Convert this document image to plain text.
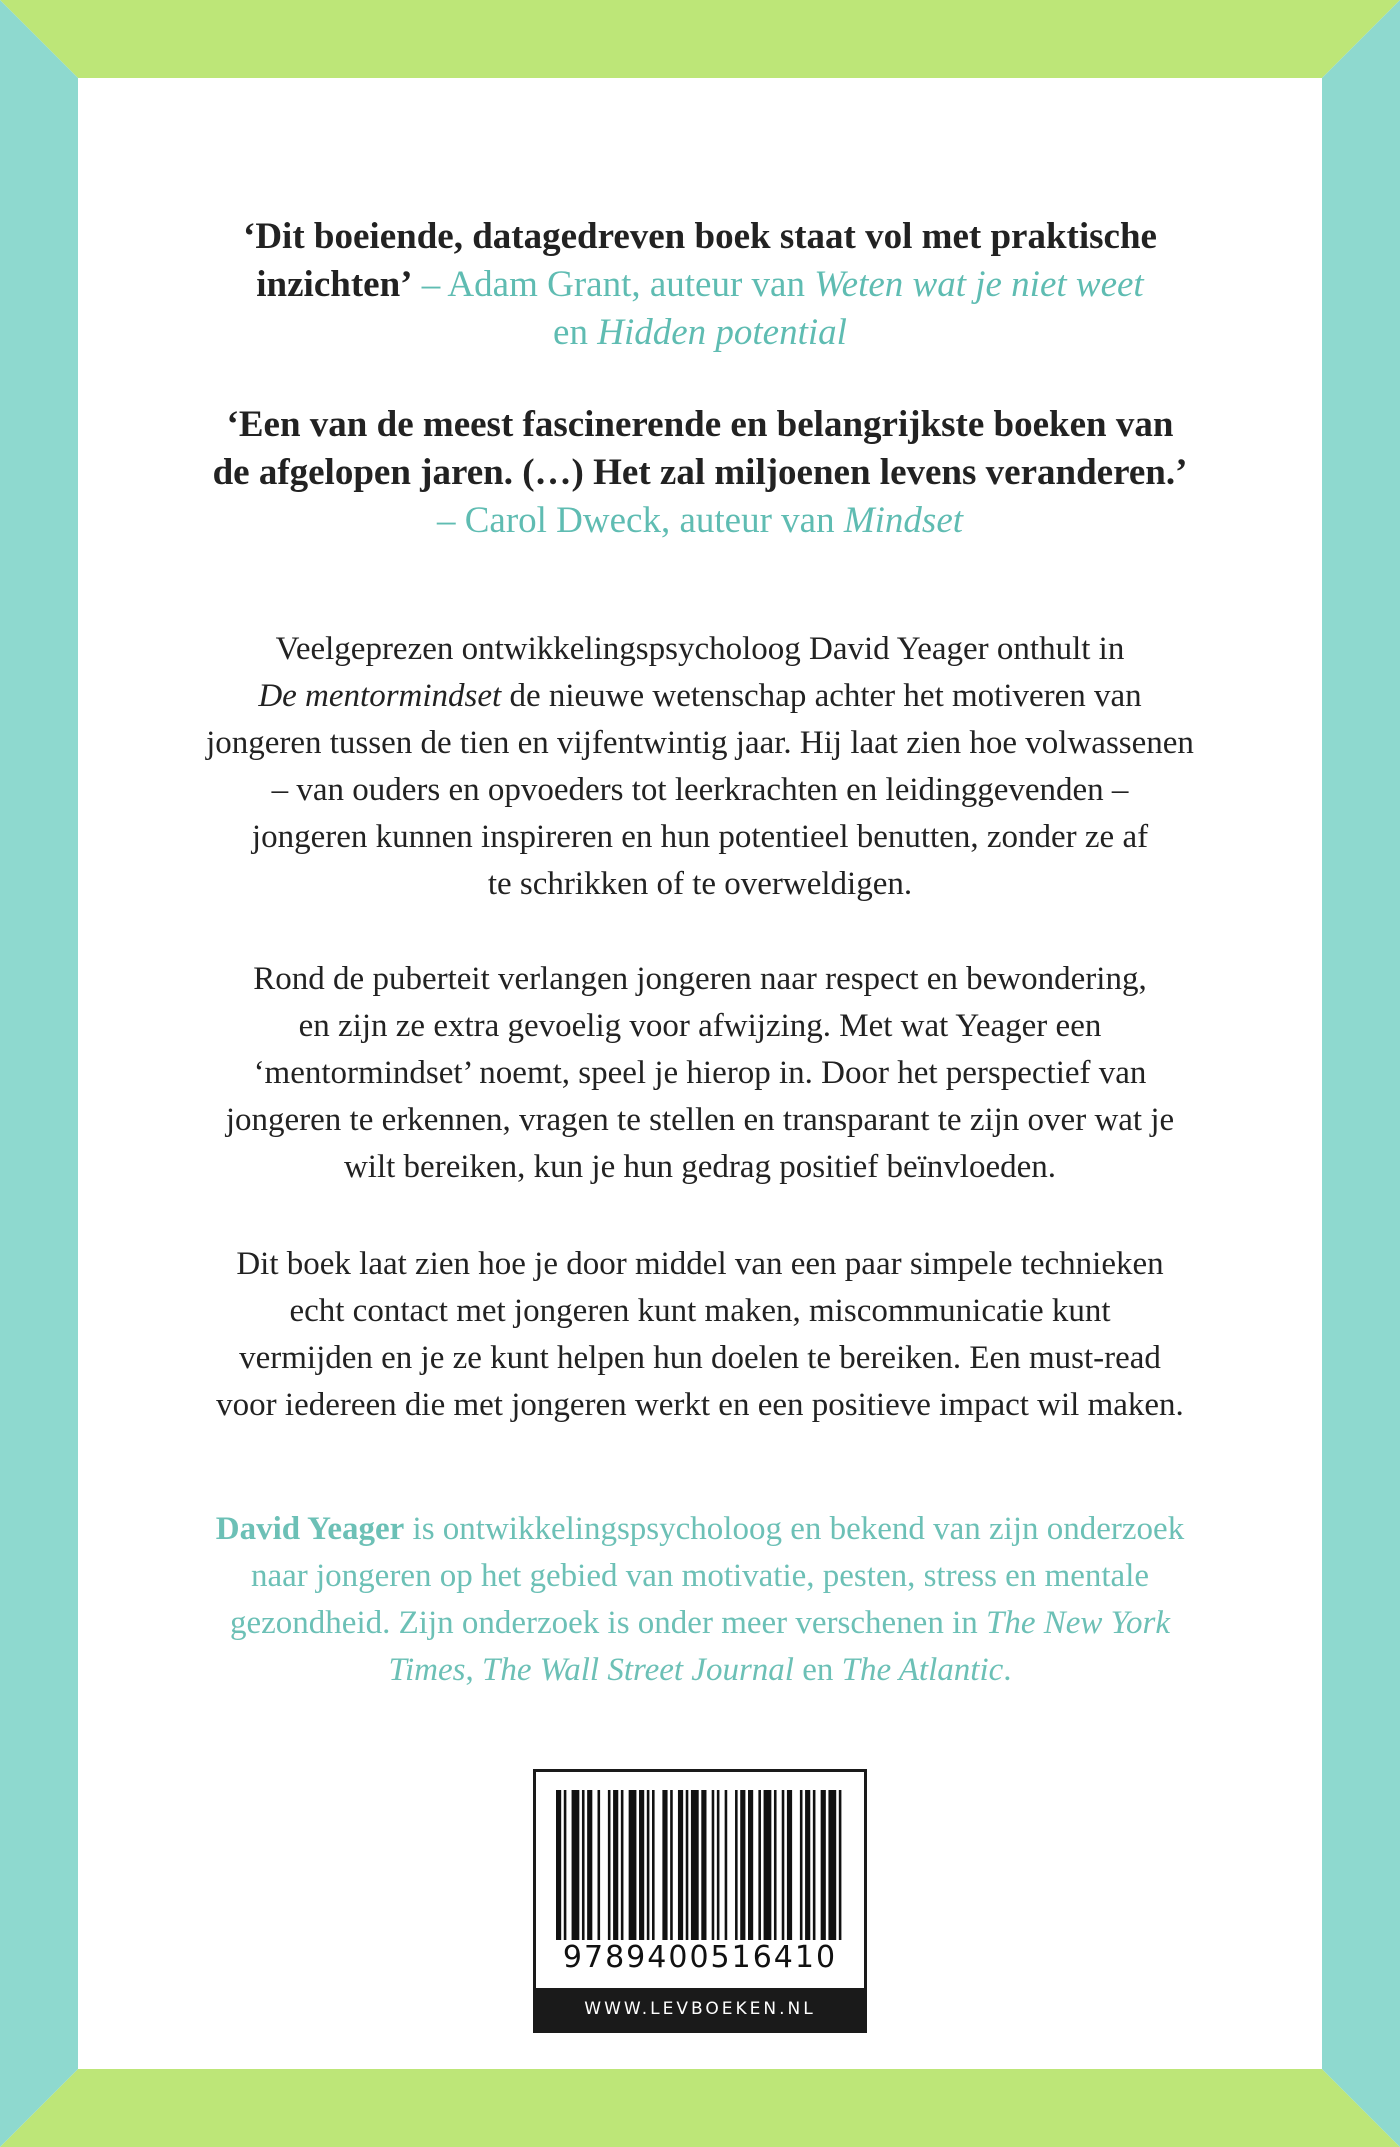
‘Dit boeiende, datagedreven boek staat vol met praktische
inzichten’ – Adam Grant, auteur van Weten wat je niet weet
en Hidden potential
‘Een van de meest fascinerende en belangrijkste boeken van
de afgelopen jaren. (…) Het zal miljoenen levens veranderen.’
– Carol Dweck, auteur van Mindset
Veelgeprezen ontwikkelingspsycholoog David Yeager onthult in
De mentormindset de nieuwe wetenschap achter het motiveren van
jongeren tussen de tien en vijfentwintig jaar. Hij laat zien hoe volwassenen
– van ouders en opvoeders tot leerkrachten en leidinggevenden –
jongeren kunnen inspireren en hun potentieel benutten, zonder ze af
te schrikken of te overweldigen.
Rond de puberteit verlangen jongeren naar respect en bewondering,
en zijn ze extra gevoelig voor afwijzing. Met wat Yeager een
‘mentormindset’ noemt, speel je hierop in. Door het perspectief van
jongeren te erkennen, vragen te stellen en transparant te zijn over wat je
wilt bereiken, kun je hun gedrag positief beïnvloeden.
Dit boek laat zien hoe je door middel van een paar simpele technieken
echt contact met jongeren kunt maken, miscommunicatie kunt
vermijden en je ze kunt helpen hun doelen te bereiken. Een must-read
voor iedereen die met jongeren werkt en een positieve impact wil maken.
David Yeager is ontwikkelingspsycholoog en bekend van zijn onderzoek
naar jongeren op het gebied van motivatie, pesten, stress en mentale
gezondheid. Zijn onderzoek is onder meer verschenen in The New York
Times, The Wall Street Journal en The Atlantic.
9789400516410
WWW.LEVBOEKEN.NL
